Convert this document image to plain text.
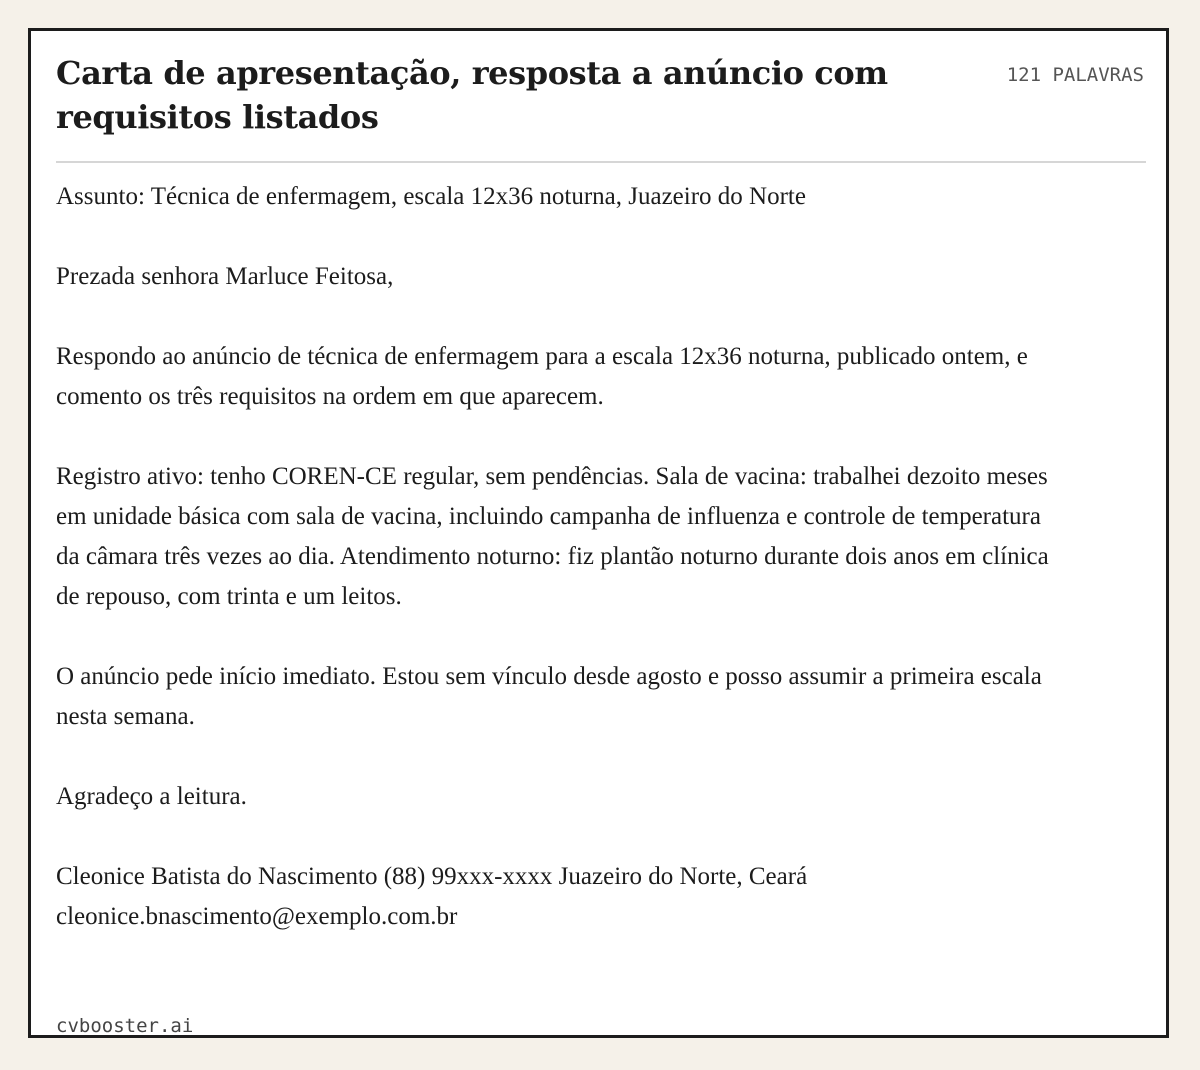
Carta de apresentação, resposta a anúncio com requisitos listados
121 PALAVRAS

Assunto: Técnica de enfermagem, escala 12x36 noturna, Juazeiro do Norte

Prezada senhora Marluce Feitosa,

Respondo ao anúncio de técnica de enfermagem para a escala 12x36 noturna, publicado ontem, e comento os três requisitos na ordem em que aparecem.

Registro ativo: tenho COREN-CE regular, sem pendências. Sala de vacina: trabalhei dezoito meses em unidade básica com sala de vacina, incluindo campanha de influenza e controle de temperatura da câmara três vezes ao dia. Atendimento noturno: fiz plantão noturno durante dois anos em clínica de repouso, com trinta e um leitos.

O anúncio pede início imediato. Estou sem vínculo desde agosto e posso assumir a primeira escala nesta semana.

Agradeço a leitura.

Cleonice Batista do Nascimento (88) 99xxx-xxxx Juazeiro do Norte, Ceará
cleonice.bnascimento@exemplo.com.br

cvbooster.ai
